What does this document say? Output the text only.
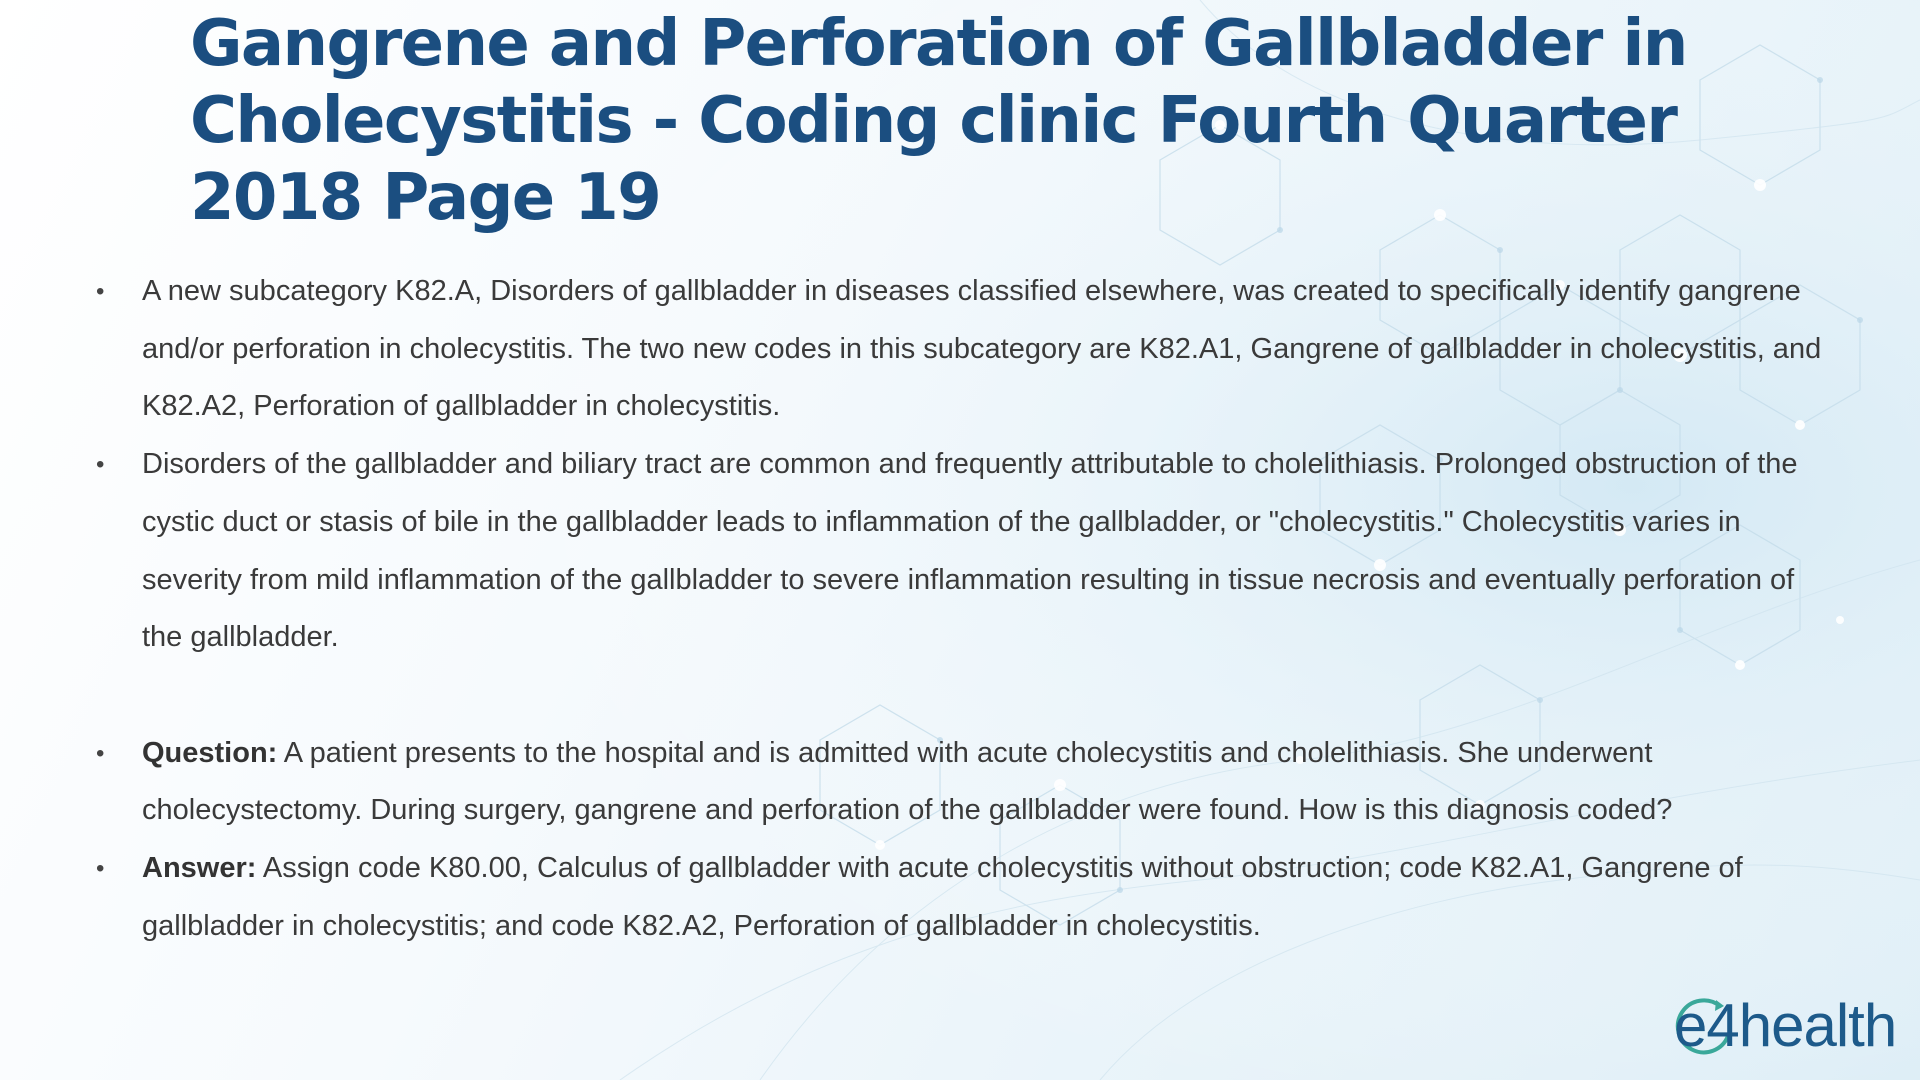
Gangrene and Perforation of Gallbladder in Cholecystitis - Coding clinic Fourth Quarter 2018 Page 19
• A new subcategory K82.A, Disorders of gallbladder in diseases classified elsewhere, was created to specifically identify gangrene and/or perforation in cholecystitis. The two new codes in this subcategory are K82.A1, Gangrene of gallbladder in cholecystitis, and K82.A2, Perforation of gallbladder in cholecystitis.
• Disorders of the gallbladder and biliary tract are common and frequently attributable to cholelithiasis. Prolonged obstruction of the cystic duct or stasis of bile in the gallbladder leads to inflammation of the gallbladder, or "cholecystitis." Cholecystitis varies in severity from mild inflammation of the gallbladder to severe inflammation resulting in tissue necrosis and eventually perforation of the gallbladder.
• Question: A patient presents to the hospital and is admitted with acute cholecystitis and cholelithiasis. She underwent cholecystectomy. During surgery, gangrene and perforation of the gallbladder were found. How is this diagnosis coded?
• Answer: Assign code K80.00, Calculus of gallbladder with acute cholecystitis without obstruction; code K82.A1, Gangrene of gallbladder in cholecystitis; and code K82.A2, Perforation of gallbladder in cholecystitis.
e4health
